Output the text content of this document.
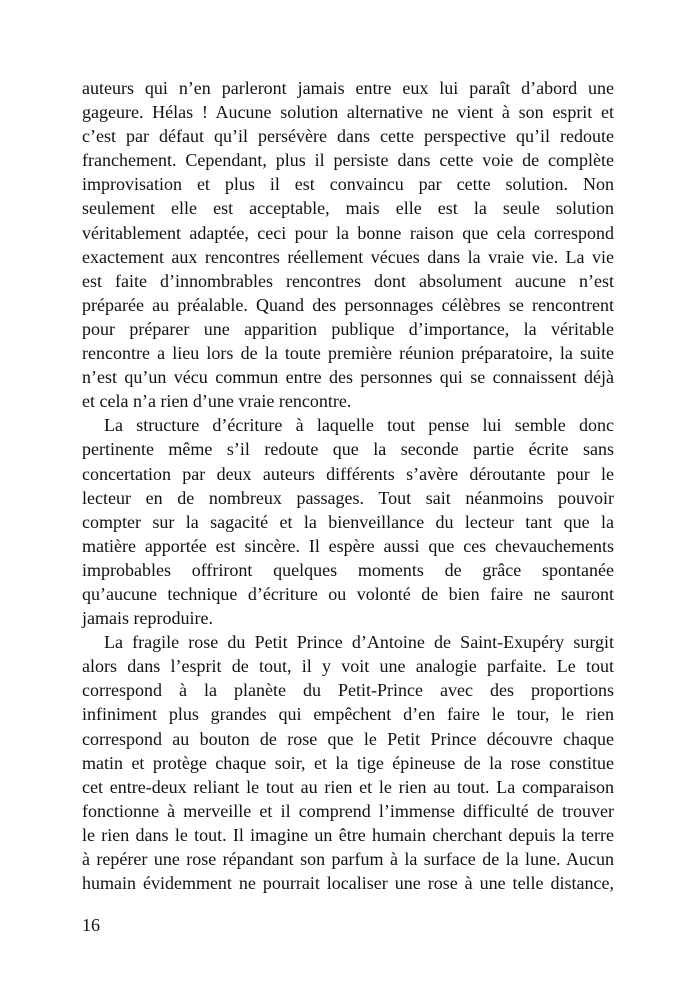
auteurs qui n’en parleront jamais entre eux lui paraît d’abord une
gageure. Hélas ! Aucune solution alternative ne vient à son esprit et
c’est par défaut qu’il persévère dans cette perspective qu’il redoute
franchement. Cependant, plus il persiste dans cette voie de complète
improvisation et plus il est convaincu par cette solution. Non
seulement elle est acceptable, mais elle est la seule solution
véritablement adaptée, ceci pour la bonne raison que cela correspond
exactement aux rencontres réellement vécues dans la vraie vie. La vie
est faite d’innombrables rencontres dont absolument aucune n’est
préparée au préalable. Quand des personnages célèbres se rencontrent
pour préparer une apparition publique d’importance, la véritable
rencontre a lieu lors de la toute première réunion préparatoire, la suite
n’est qu’un vécu commun entre des personnes qui se connaissent déjà
et cela n’a rien d’une vraie rencontre.
La structure d’écriture à laquelle tout pense lui semble donc
pertinente même s’il redoute que la seconde partie écrite sans
concertation par deux auteurs différents s’avère déroutante pour le
lecteur en de nombreux passages. Tout sait néanmoins pouvoir
compter sur la sagacité et la bienveillance du lecteur tant que la
matière apportée est sincère. Il espère aussi que ces chevauchements
improbables offriront quelques moments de grâce spontanée
qu’aucune technique d’écriture ou volonté de bien faire ne sauront
jamais reproduire.
La fragile rose du Petit Prince d’Antoine de Saint-Exupéry surgit
alors dans l’esprit de tout, il y voit une analogie parfaite. Le tout
correspond à la planète du Petit-Prince avec des proportions
infiniment plus grandes qui empêchent d’en faire le tour, le rien
correspond au bouton de rose que le Petit Prince découvre chaque
matin et protège chaque soir, et la tige épineuse de la rose constitue
cet entre-deux reliant le tout au rien et le rien au tout. La comparaison
fonctionne à merveille et il comprend l’immense difficulté de trouver
le rien dans le tout. Il imagine un être humain cherchant depuis la terre
à repérer une rose répandant son parfum à la surface de la lune. Aucun
humain évidemment ne pourrait localiser une rose à une telle distance,
16
